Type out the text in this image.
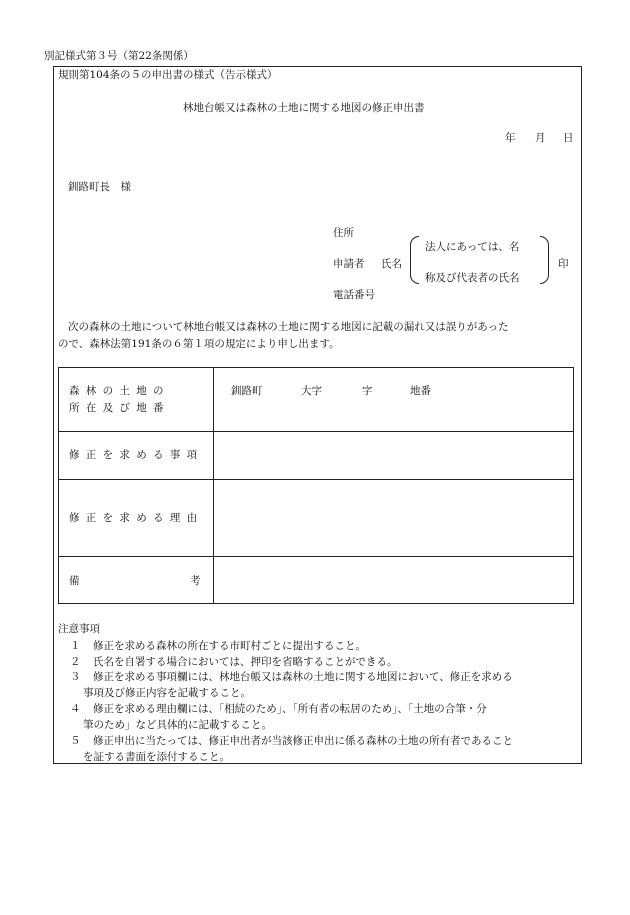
別記様式第３号（第22条関係）
規則第104条の５の申出書の様式（告示様式）
林地台帳又は森林の土地に関する地図の修正申出書
年 月 日
釧路町長　様
住所
申請者 氏名
法人にあっては、名
称及び代表者の氏名
印
電話番号
次の森林の土地について林地台帳又は森林の土地に関する地図に記載の漏れ又は誤りがあった
ので、森林法第191条の６第１項の規定により申し出ます。
森林の土地の
所在及び地番
釧路町	大字	字	地番
修正を求める事項
修正を求める理由
備	考
注意事項
１ 修正を求める森林の所在する市町村ごとに提出すること。
２ 氏名を自署する場合においては、押印を省略することができる。
３ 修正を求める事項欄には、林地台帳又は森林の土地に関する地図において、修正を求める
事項及び修正内容を記載すること。
４ 修正を求める理由欄には、「相続のため」、「所有者の転居のため」、「土地の合筆・分
筆のため」など具体的に記載すること。
５ 修正申出に当たっては、修正申出者が当該修正申出に係る森林の土地の所有者であること
を証する書面を添付すること。
